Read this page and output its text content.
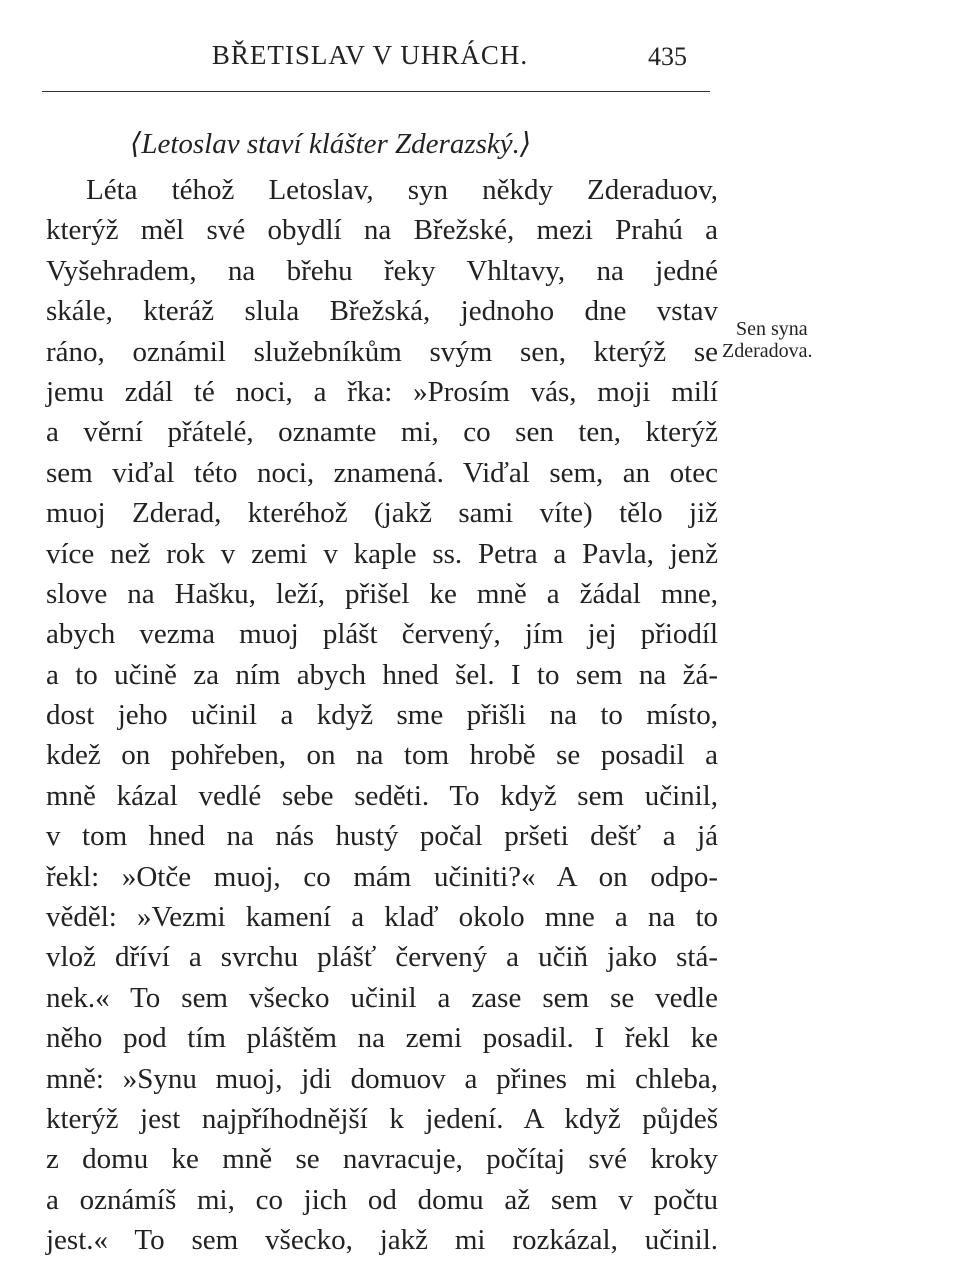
BŘETISLAV V UHRÁCH.	435
⟨Letoslav staví klášter Zderazský.⟩
Sen syna
Zderadova.
Léta téhož Letoslav, syn někdy Zderaduov,
kterýž měl své obydlí na Břežské, mezi Prahú a
Vyšehradem, na břehu řeky Vhltavy, na jedné
skále, kteráž slula Břežská, jednoho dne vstav
ráno, oznámil služebníkům svým sen, kterýž se
jemu zdál té noci, a řka: »Prosím vás, moji milí
a věrní přátelé, oznamte mi, co sen ten, kterýž
sem viďal této noci, znamená. Viďal sem, an otec
muoj Zderad, kteréhož (jakž sami víte) tělo již
více než rok v zemi v kaple ss. Petra a Pavla, jenž
slove na Hašku, leží, přišel ke mně a žádal mne,
abych vezma muoj plášt červený, jím jej přiodíl
a to učině za ním abych hned šel. I to sem na žá-
dost jeho učinil a když sme přišli na to místo,
kdež on pohřeben, on na tom hrobě se posadil a
mně kázal vedlé sebe seděti. To když sem učinil,
v tom hned na nás hustý počal pršeti dešť a já
řekl: »Otče muoj, co mám učiniti?« A on odpo-
věděl: »Vezmi kamení a klaď okolo mne a na to
vlož dříví a svrchu plášť červený a učiň jako stá-
nek.« To sem všecko učinil a zase sem se vedle
něho pod tím pláštěm na zemi posadil. I řekl ke
mně: »Synu muoj, jdi domuov a přines mi chleba,
kterýž jest najpříhodnější k jedení. A když půjdeš
z domu ke mně se navracuje, počítaj své kroky
a oznámíš mi, co jich od domu až sem v počtu
jest.« To sem všecko, jakž mi rozkázal, učinil.
